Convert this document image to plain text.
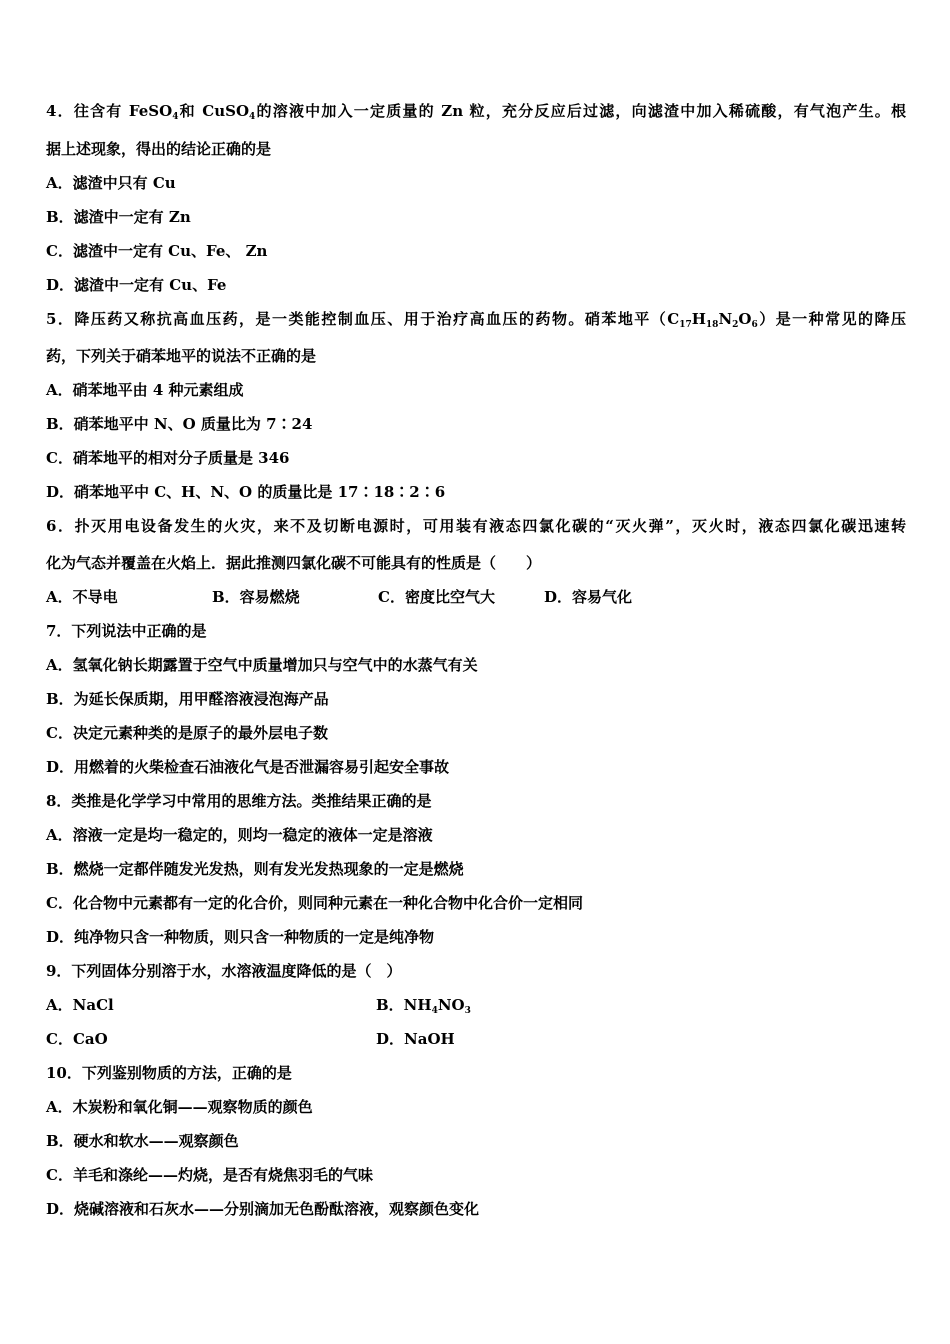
4．往含有 FeSO$_4$和 CuSO$_4$的溶液中加入一定质量的 Zn 粒，充分反应后过滤，向滤渣中加入稀硫酸，有气泡产生。根
据上述现象，得出的结论正确的是
A．滤渣中只有 Cu
B．滤渣中一定有 Zn
C．滤渣中一定有 Cu、Fe、 Zn
D．滤渣中一定有 Cu、Fe
5．降压药又称抗高血压药，是一类能控制血压、用于治疗高血压的药物。硝苯地平$(C_{17}H_{18}N_2O_6)$是一种常见的降压
药，下列关于硝苯地平的说法不正确的是
A．硝苯地平由 4 种元素组成
B．硝苯地平中 N、O 质量比为 7∶24
C．硝苯地平的相对分子质量是 346
D．硝苯地平中 C、H、N、O 的质量比是 17∶18∶2∶6
6．扑灭用电设备发生的火灾，来不及切断电源时，可用装有液态四氯化碳的“灭火弹”，灭火时，液态四氯化碳迅速转
化为气态并覆盖在火焰上．据此推测四氯化碳不可能具有的性质是（　　）
A．不导电	B．容易燃烧	C．密度比空气大	D．容易气化
7．下列说法中正确的是
A．氢氧化钠长期露置于空气中质量增加只与空气中的水蒸气有关
B．为延长保质期，用甲醛溶液浸泡海产品
C．决定元素种类的是原子的最外层电子数
D．用燃着的火柴检查石油液化气是否泄漏容易引起安全事故
8．类推是化学学习中常用的思维方法。类推结果正确的是
A．溶液一定是均一稳定的，则均一稳定的液体一定是溶液
B．燃烧一定都伴随发光发热，则有发光发热现象的一定是燃烧
C．化合物中元素都有一定的化合价，则同种元素在一种化合物中化合价一定相同
D．纯净物只含一种物质，则只含一种物质的一定是纯净物
9．下列固体分别溶于水，水溶液温度降低的是（　）
A．NaCl	B．$NH_4NO_3$
C．CaO	D．NaOH
10．下列鉴别物质的方法，正确的是
A．木炭粉和氧化铜——观察物质的颜色
B．硬水和软水——观察颜色
C．羊毛和涤纶——灼烧，是否有烧焦羽毛的气味
D．烧碱溶液和石灰水——分别滴加无色酚酞溶液，观察颜色变化
